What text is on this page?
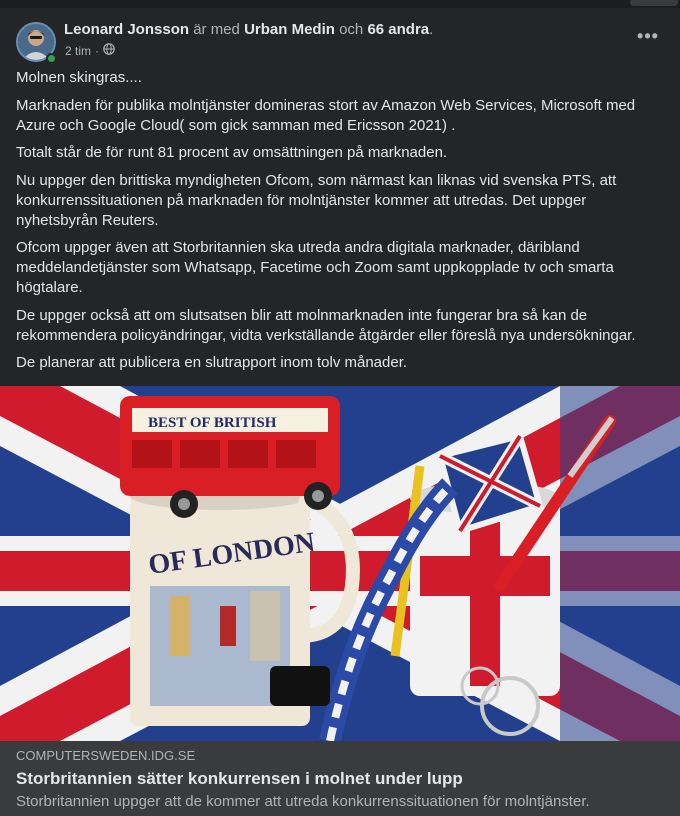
Leonard Jonsson är med Urban Medin och 66 andra.
2 tim ·
•••

Molnen skingras....

Marknaden för publika molntjänster domineras stort av Amazon Web Services, Microsoft med Azure och Google Cloud( som gick samman med Ericsson 2021) .

Totalt står de för runt 81 procent av omsättningen på marknaden.

Nu uppger den brittiska myndigheten Ofcom, som närmast kan liknas vid svenska PTS, att konkurrenssituationen på marknaden för molntjänster kommer att utredas. Det uppger nyhetsbyrån Reuters.

Ofcom uppger även att Storbritannien ska utreda andra digitala marknader, däribland meddelandetjänster som Whatsapp, Facetime och Zoom samt uppkopplade tv och smarta högtalare.

De uppger också att om slutsatsen blir att molnmarknaden inte fungerar bra så kan de rekommendera policyändringar, vidta verkställande åtgärder eller föreslå nya undersökningar.

De planerar att publicera en slutrapport inom tolv månader.

OF LONDON
BEST OF BRITISH
COMPUTERSWEDEN.IDG.SE
Storbritannien sätter konkurrensen i molnet under lupp
Storbritannien uppger att de kommer att utreda konkurrenssituationen för molntjänster.
